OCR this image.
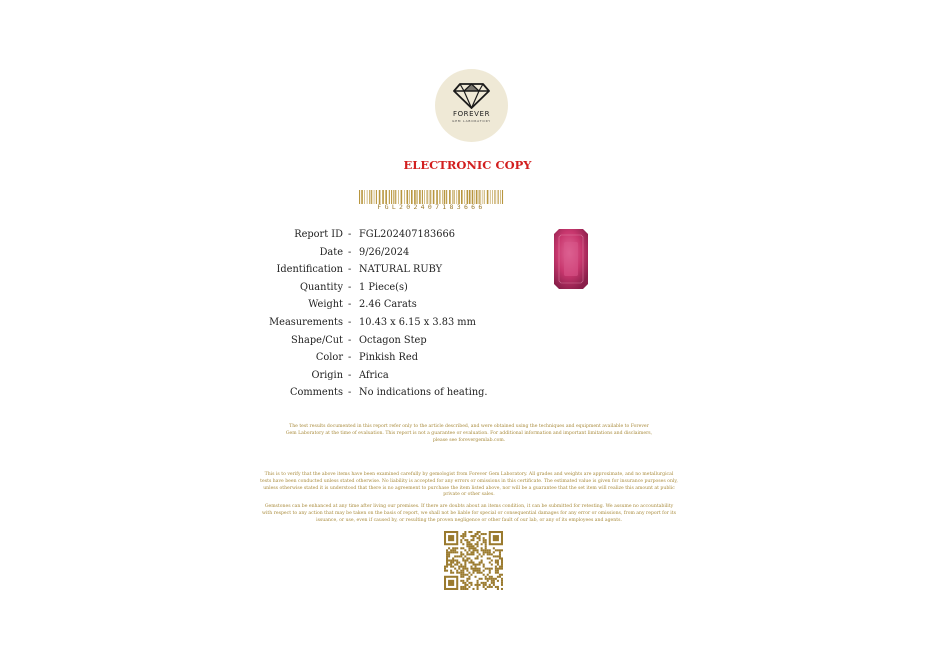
FOREVER
GEM LABORATORY
ELECTRONIC COPY
FGL202407183666
Report ID - FGL202407183666
Date - 9/26/2024
Identification - NATURAL RUBY
Quantity - 1 Piece(s)
Weight - 2.46 Carats
Measurements - 10.43 x 6.15 x 3.83 mm
Shape/Cut - Octagon Step
Color - Pinkish Red
Origin - Africa
Comments - No indications of heating.
The test results documented in this report refer only to the article described, and were obtained using the techniques and equipment available to Forever Gem Laboratory at the time of evaluation. This report is not a guarantee or evaluation. For additional information and important limitations and disclaimers, please see forevergemlab.com.
This is to verify that the above items have been examined carefully by gemologist from Forever Gem Laboratory. All grades and weights are approximate, and no metallurgical tests have been conducted unless stated otherwise. No liability is accepted for any errors or omissions in this certificate. The estimated value is given for insurance purposes only, unless otherwise stated it is understood that there is no agreement to purchase the item listed above, nor will be a guarantee that the set item will realize this amount at public private or other sales.
Gemstones can be enhanced at any time after living our premises. If there are doubts about an items condition, it can be submitted for retesting. We assume no accountability with respect to any action that may be taken on the basis of report, we shall not be liable for special or consequential damages for any error or omissions, from any report for its issuance, or use, even if caused by, or resulting the proven negligence or other fault of our lab, or any of its employees and agents.
